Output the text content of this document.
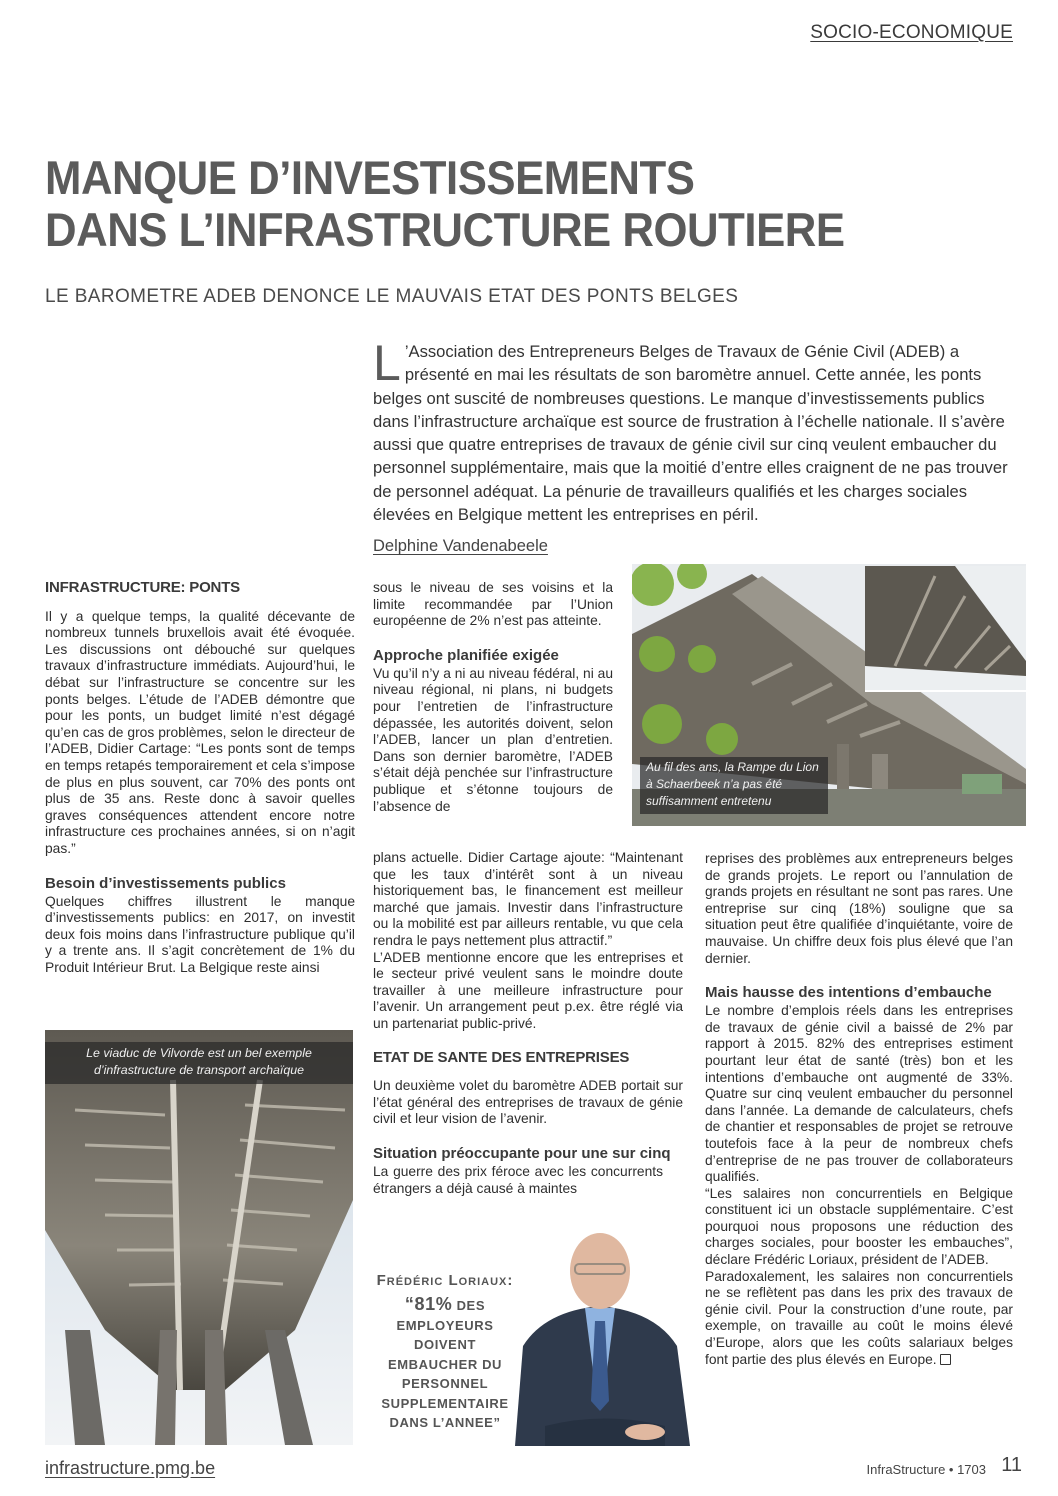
SOCIO-ECONOMIQUE
MANQUE D’INVESTISSEMENTS
DANS L’INFRASTRUCTURE ROUTIERE
LE BAROMETRE ADEB DENONCE LE MAUVAIS ETAT DES PONTS BELGES
L ’Association des Entrepreneurs Belges de Travaux de Génie Civil (ADEB) a présenté en mai les résultats de son baromètre annuel. Cette année, les ponts belges ont suscité de nombreuses questions. Le manque d’investissements publics dans l’infrastructure archaïque est source de frustration à l’échelle nationale. Il s’avère aussi que quatre entreprises de travaux de génie civil sur cinq veulent embaucher du personnel supplémentaire, mais que la moitié d’entre elles craignent de ne pas trouver de personnel adéquat. La pénurie de travailleurs qualifiés et les charges sociales élevées en Belgique mettent les entreprises en péril.
Delphine Vandenabeele
INFRASTRUCTURE: PONTS

Il y a quelque temps, la qualité décevante de nombreux tunnels bruxellois avait été évoquée. Les discussions ont débouché sur quelques travaux d’infrastructure immédiats. Aujourd’hui, le débat sur l’infrastructure se concentre sur les ponts belges. L’étude de l’ADEB démontre que pour les ponts, un budget limité n’est dégagé qu’en cas de gros problèmes, selon le directeur de l’ADEB, Didier Cartage: “Les ponts sont de temps en temps retapés temporairement et cela s’impose de plus en plus souvent, car 70% des ponts ont plus de 35 ans. Reste donc à savoir quelles graves conséquences attendent encore notre infrastructure ces prochaines années, si on n’agit pas.”

Besoin d’investissements publics

Quelques chiffres illustrent le manque d’investissements publics: en 2017, on investit deux fois moins dans l’infrastructure publique qu’il y a trente ans. Il s’agit concrètement de 1% du Produit Intérieur Brut. La Belgique reste ainsi

Le viaduc de Vilvorde est un bel exemple d’infrastructure de transport archaïque

sous le niveau de ses voisins et la limite recommandée par l’Union européenne de 2% n’est pas atteinte.

Approche planifiée exigée

Vu qu’il n’y a ni au niveau fédéral, ni au niveau régional, ni plans, ni budgets pour l’entretien de l’infrastructure dépassée, les autorités doivent, selon l’ADEB, lancer un plan d’entretien. Dans son dernier baromètre, l’ADEB s’était déjà penchée sur l’infrastructure publique et s’étonne toujours de l’absence de

plans actuelle. Didier Cartage ajoute: “Maintenant que les taux d’intérêt sont à un niveau historiquement bas, le financement est meilleur marché que jamais. Investir dans l’infrastructure ou la mobilité est par ailleurs rentable, vu que cela rendra le pays nettement plus attractif.”

L’ADEB mentionne encore que les entreprises et le secteur privé veulent sans le moindre doute travailler à une meilleure infrastructure pour l’avenir. Un arrangement peut p.ex. être réglé via un partenariat public-privé.

ETAT DE SANTE DES ENTREPRISES

Un deuxième volet du baromètre ADEB portait sur l’état général des entreprises de travaux de génie civil et leur vision de l’avenir.

Situation préoccupante pour une sur cinq

La guerre des prix féroce avec les concurrents étrangers a déjà causé à maintes

Au fil des ans, la Rampe du Lion à Schaerbeek n’a pas été suffisamment entretenu

reprises des problèmes aux entrepreneurs belges de grands projets. Le report ou l’annulation de grands projets en résultant ne sont pas rares. Une entreprise sur cinq (18%) souligne que sa situation peut être qualifiée d’inquiétante, voire de mauvaise. Un chiffre deux fois plus élevé que l’an dernier.

Mais hausse des intentions d’embauche

Le nombre d’emplois réels dans les entreprises de travaux de génie civil a baissé de 2% par rapport à 2015. 82% des entreprises estiment pourtant leur état de santé (très) bon et les intentions d’embauche ont augmenté de 33%. Quatre sur cinq veulent embaucher du personnel dans l’année. La demande de calculateurs, chefs de chantier et responsables de projet se retrouve toutefois face à la peur de nombreux chefs d’entreprise de ne pas trouver de collaborateurs qualifiés.

“Les salaires non concurrentiels en Belgique constituent ici un obstacle supplémentaire. C’est pourquoi nous proposons une réduction des charges sociales, pour booster les embauches”, déclare Frédéric Loriaux, président de l’ADEB.

Paradoxalement, les salaires non concurrentiels ne se reflètent pas dans les prix des travaux de génie civil. Pour la construction d’une route, par exemple, on travaille au coût le moins élevé d’Europe, alors que les coûts salariaux belges font partie des plus élevés en Europe.

Frédéric Loriaux:
“81% DES EMPLOYEURS DOIVENT EMBAUCHER DU PERSONNEL SUPPLEMENTAIRE DANS L’ANNEE”
infrastructure.pmg.be	InfraStructure • 1703 11
